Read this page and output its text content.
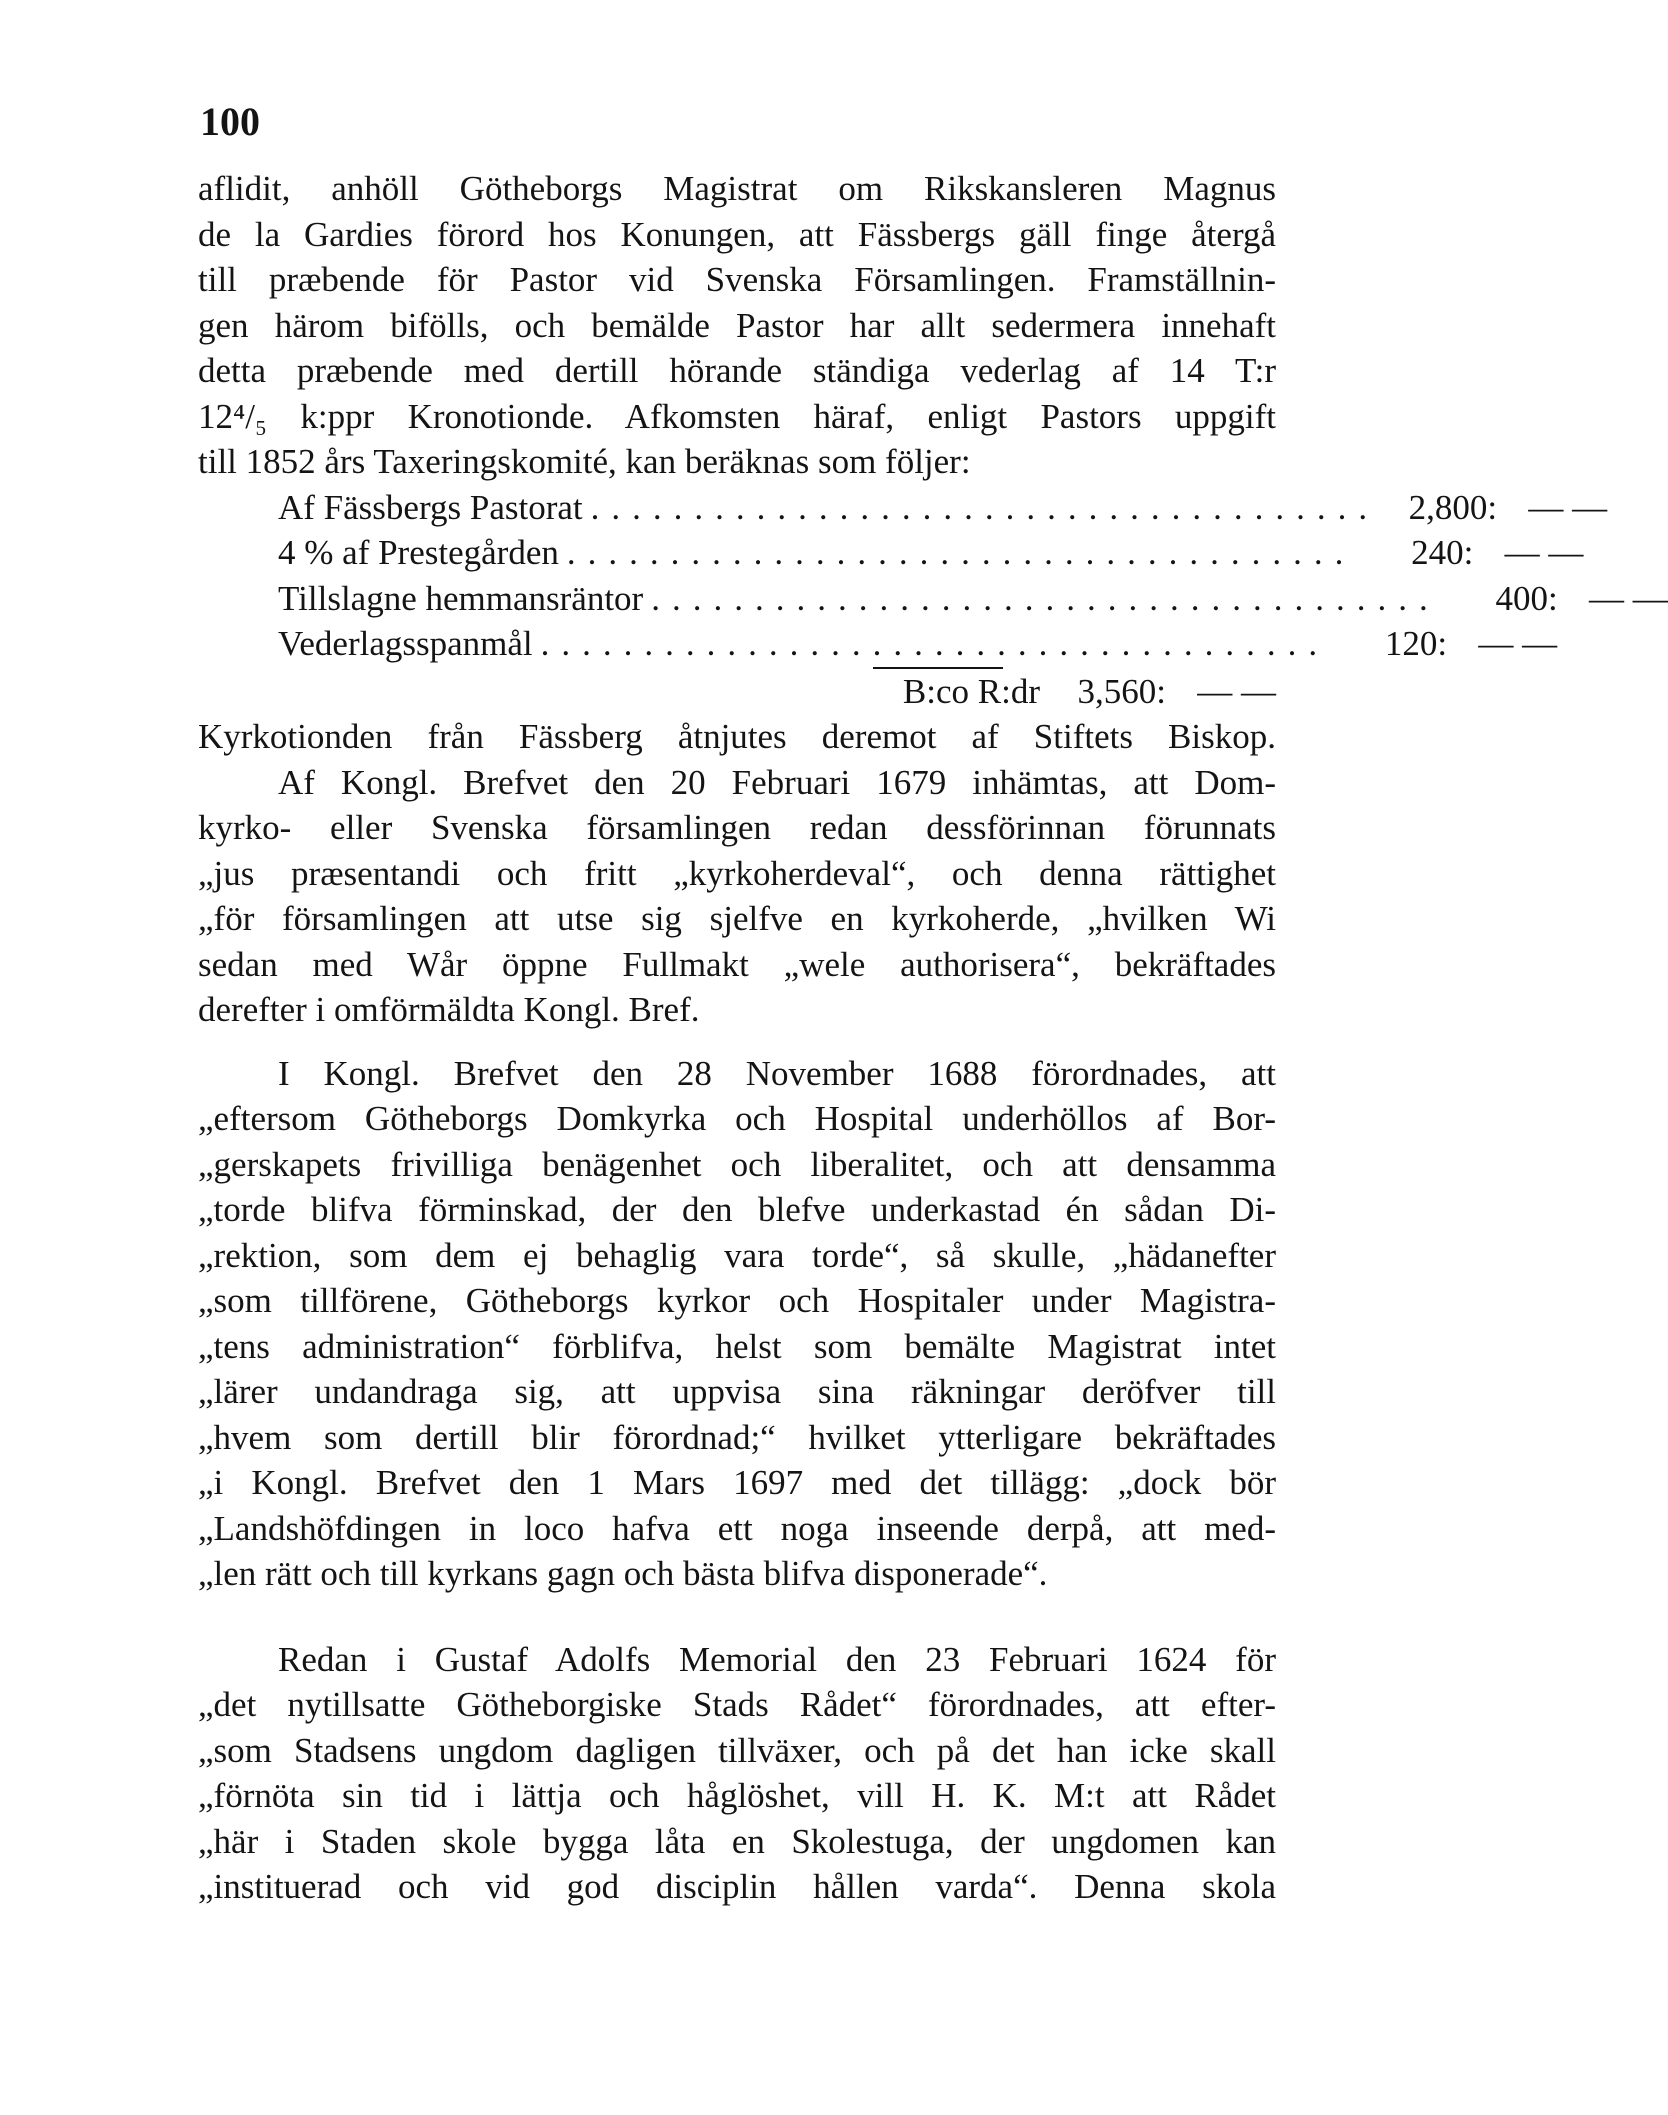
100
aflidit, anhöll Götheborgs Magistrat om Rikskansleren Magnus
de la Gardies förord hos Konungen, att Fässbergs gäll finge återgå
till præbende för Pastor vid Svenska Församlingen. Framställnin-
gen härom bifölls, och bemälde Pastor har allt sedermera innehaft
detta præbende med dertill hörande ständiga vederlag af 14 T:r
12⁴/₅ k:ppr Kronotionde. Afkomsten häraf, enligt Pastors uppgift
till 1852 års Taxeringskomité, kan beräknas som följer:
Af Fässbergs Pastorat ...................................... 2,800: — —
4 % af Prestegården ......................................	240: — —
Tillslagne hemmansräntor ......................................	400: — —
Vederlagsspanmål ......................................	120: — —
B:co R:dr	3,560: — —
Kyrkotionden från Fässberg åtnjutes deremot af Stiftets Biskop.
Af Kongl. Brefvet den 20 Februari 1679 inhämtas, att Dom-
kyrko- eller Svenska församlingen redan dessförinnan förunnats
„jus præsentandi och fritt „kyrkoherdeval“, och denna rättighet
„för församlingen att utse sig sjelfve en kyrkoherde, „hvilken Wi
sedan med Wår öppne Fullmakt „wele authorisera“, bekräftades
derefter i omförmäldta Kongl. Bref.
I Kongl. Brefvet den 28 November 1688 förordnades, att
„eftersom Götheborgs Domkyrka och Hospital underhöllos af Bor-
„gerskapets frivilliga benägenhet och liberalitet, och att densamma
„torde blifva förminskad, der den blefve underkastad én sådan Di-
„rektion, som dem ej behaglig vara torde“, så skulle, „hädanefter
„som tillförene, Götheborgs kyrkor och Hospitaler under Magistra-
„tens administration“ förblifva, helst som bemälte Magistrat intet
„lärer undandraga sig, att uppvisa sina räkningar deröfver till
„hvem som dertill blir förordnad;“ hvilket ytterligare bekräftades
„i Kongl. Brefvet den 1 Mars 1697 med det tillägg: „dock bör
„Landshöfdingen in loco hafva ett noga inseende derpå, att med-
„len rätt och till kyrkans gagn och bästa blifva disponerade“.
Redan i Gustaf Adolfs Memorial den 23 Februari 1624 för
„det nytillsatte Götheborgiske Stads Rådet“ förordnades, att efter-
„som Stadsens ungdom dagligen tillväxer, och på det han icke skall
„förnöta sin tid i lättja och håglöshet, vill H. K. M:t att Rådet
„här i Staden skole bygga låta en Skolestuga, der ungdomen kan
„instituerad och vid god disciplin hållen varda“. Denna skola
